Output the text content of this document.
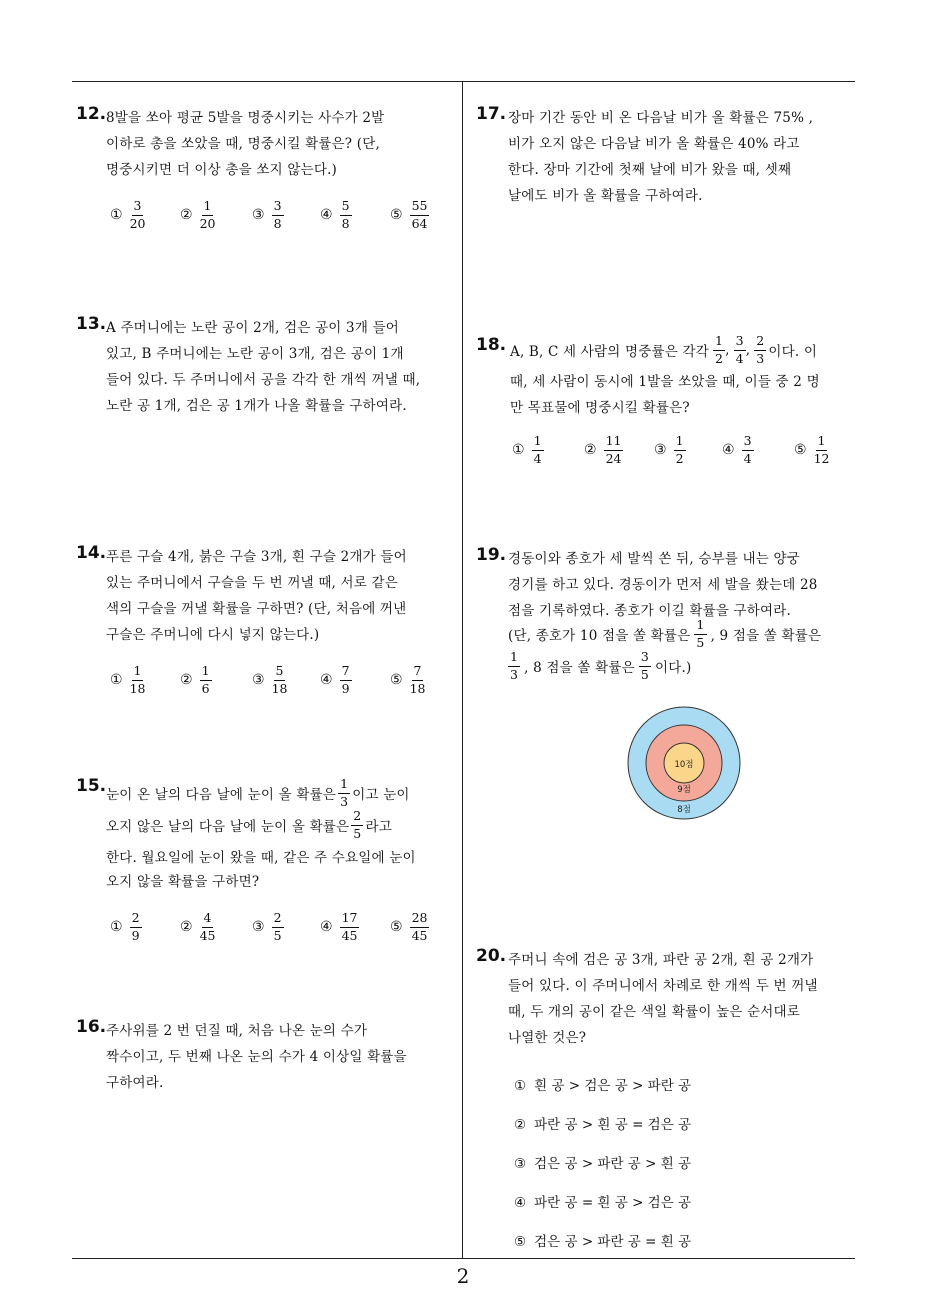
12. 8발을 쏘아 평균 5발을 명중시키는 사수가 2발
이하로 총을 쏘았을 때, 명중시킬 확률은? (단,
명중시키면 더 이상 총을 쏘지 않는다.)
① $\frac{3}{20}$ ② $\frac{1}{20}$	③ $\frac{3}{8}$	④ $\frac{5}{8}$	⑤ $\frac{55}{64}$
13. A 주머니에는 노란 공이 2개, 검은 공이 3개 들어
있고, B 주머니에는 노란 공이 3개, 검은 공이 1개
들어 있다. 두 주머니에서 공을 각각 한 개씩 꺼낼 때,
노란 공 1개, 검은 공 1개가 나올 확률을 구하여라.
14. 푸른 구슬 4개, 붉은 구슬 3개, 흰 구슬 2개가 들어
있는 주머니에서 구슬을 두 번 꺼낼 때, 서로 같은
색의 구슬을 꺼낼 확률을 구하면? (단, 처음에 꺼낸
구슬은 주머니에 다시 넣지 않는다.)
① $\frac{1}{18}$ ② $\frac{1}{6}$	③ $\frac{5}{18}$ ④ $\frac{7}{9}$	⑤ $\frac{7}{18}$
15. 눈이 온 날의 다음 날에 눈이 올 확률은 $\frac{1}{3}$ 이고 눈이
오지 않은 날의 다음 날에 눈이 올 확률은 $\frac{2}{5}$ 라고
한다. 월요일에 눈이 왔을 때, 같은 주 수요일에 눈이
오지 않을 확률을 구하면?
① $\frac{2}{9}$	② $\frac{4}{45}$	③ $\frac{2}{5}$	④ $\frac{17}{45}$ ⑤ $\frac{28}{45}$
16. 주사위를 2 번 던질 때, 처음 나온 눈의 수가
짝수이고, 두 번째 나온 눈의 수가 4 이상일 확률을
구하여라.
17. 장마 기간 동안 비 온 다음날 비가 올 확률은 75% ,
비가 오지 않은 다음날 비가 올 확률은 40% 라고
한다. 장마 기간에 첫째 날에 비가 왔을 때, 셋째
날에도 비가 올 확률을 구하여라.
18. A, B, C 세 사람의 명중률은 각각 $\frac{1}{2}$ , $\frac{3}{4}$ , $\frac{2}{3}$ 이다. 이
때, 세 사람이 동시에 1발을 쏘았을 때, 이들 중 2 명
만 목표물에 명중시킬 확률은?
① $\frac{1}{4}$	② $\frac{11}{24}$ ③ $\frac{1}{2}$	④ $\frac{3}{4}$	⑤ $\frac{1}{12}$
19. 경동이와 종호가 세 발씩 쏜 뒤, 승부를 내는 양궁
경기를 하고 있다. 경동이가 먼저 세 발을 쐈는데 28
점을 기록하였다. 종호가 이길 확률을 구하여라.
(단, 종호가 10 점을 쏠 확률은 $\frac{1}{5}$ , 9 점을 쏠 확률은
$\frac{1}{3}$ , 8 점을 쏠 확률은 $\frac{3}{5}$ 이다.)
10점
9점
8점
20. 주머니 속에 검은 공 3개, 파란 공 2개, 흰 공 2개가
들어 있다. 이 주머니에서 차례로 한 개씩 두 번 꺼낼
때, 두 개의 공이 같은 색일 확률이 높은 순서대로
나열한 것은?
① 흰 공 > 검은 공 > 파란 공
② 파란 공 > 흰 공 = 검은 공
③ 검은 공 > 파란 공 > 흰 공
④ 파란 공 = 흰 공 > 검은 공
⑤ 검은 공 > 파란 공 = 흰 공
2
